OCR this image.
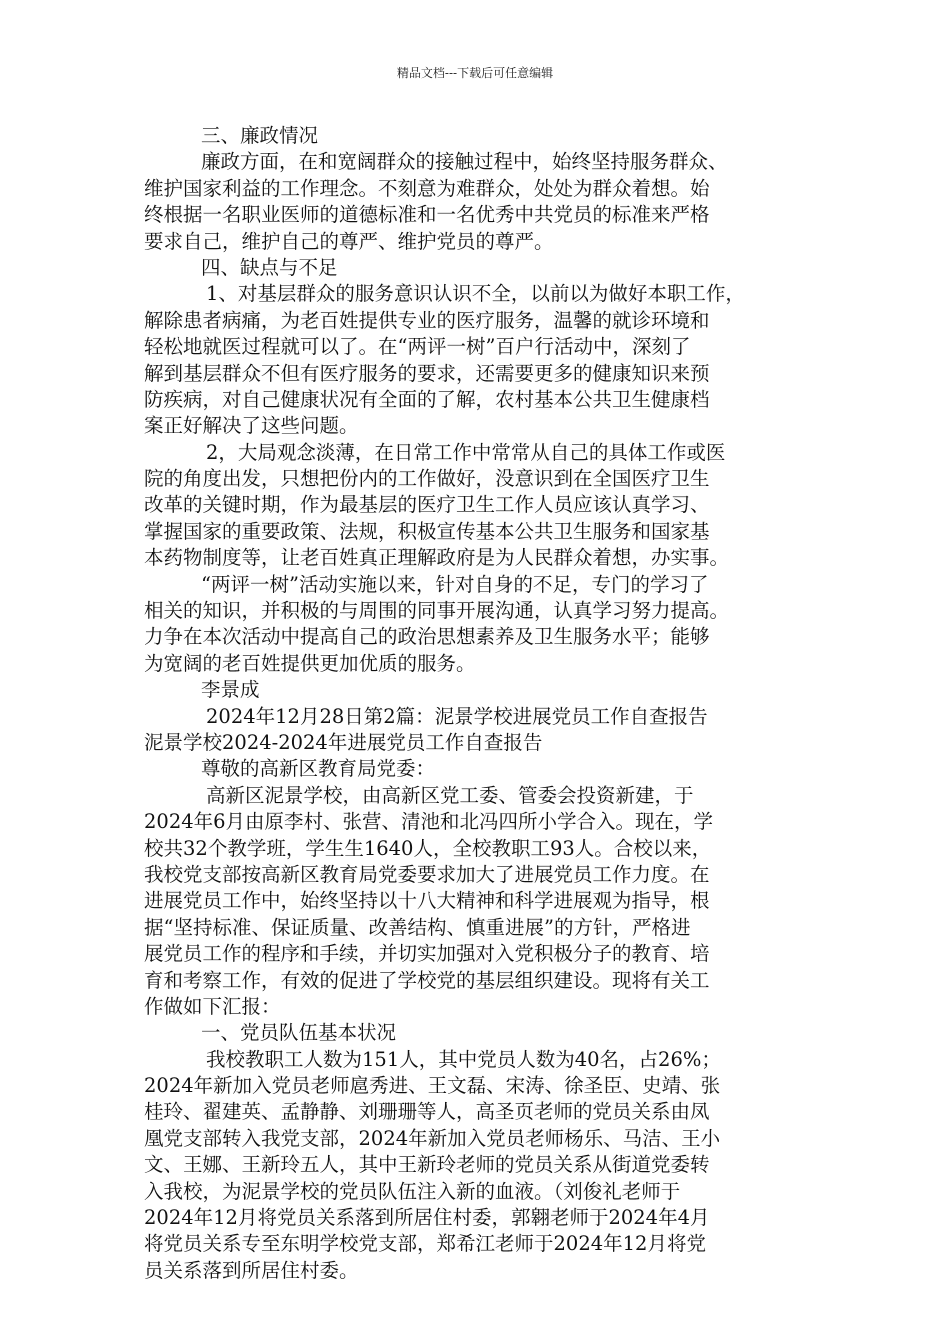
精品文档---下载后可任意编辑
三、廉政情况
廉政方面，在和宽阔群众的接触过程中，始终坚持服务群众、
维护国家利益的工作理念。不刻意为难群众，处处为群众着想。始
终根据一名职业医师的道德标准和一名优秀中共党员的标准来严格
要求自己，维护自己的尊严、维护党员的尊严。
四、缺点与不足
1、对基层群众的服务意识认识不全，以前以为做好本职工作，
解除患者病痛，为老百姓提供专业的医疗服务，温馨的就诊环境和
轻松地就医过程就可以了。在“两评一树”百户行活动中，深刻了
解到基层群众不但有医疗服务的要求，还需要更多的健康知识来预
防疾病，对自己健康状况有全面的了解，农村基本公共卫生健康档
案正好解决了这些问题。
2，大局观念淡薄，在日常工作中常常从自己的具体工作或医
院的角度出发，只想把份内的工作做好，没意识到在全国医疗卫生
改革的关键时期，作为最基层的医疗卫生工作人员应该认真学习、
掌握国家的重要政策、法规，积极宣传基本公共卫生服务和国家基
本药物制度等，让老百姓真正理解政府是为人民群众着想，办实事。
“两评一树”活动实施以来，针对自身的不足，专门的学习了
相关的知识，并积极的与周围的同事开展沟通，认真学习努力提高。
力争在本次活动中提高自己的政治思想素养及卫生服务水平；能够
为宽阔的老百姓提供更加优质的服务。
李景成
2024年12月28日第2篇：泥景学校进展党员工作自查报告
泥景学校2024-2024年进展党员工作自查报告
尊敬的高新区教育局党委：
高新区泥景学校，由高新区党工委、管委会投资新建，于
2024年6月由原李村、张营、清池和北冯四所小学合入。现在，学
校共32个教学班，学生生1640人，全校教职工93人。合校以来，
我校党支部按高新区教育局党委要求加大了进展党员工作力度。在
进展党员工作中，始终坚持以十八大精神和科学进展观为指导，根
据“坚持标准、保证质量、改善结构、慎重进展”的方针，严格进
展党员工作的程序和手续，并切实加强对入党积极分子的教育、培
育和考察工作，有效的促进了学校党的基层组织建设。现将有关工
作做如下汇报：
一、党员队伍基本状况
我校教职工人数为151人，其中党员人数为40名，占26%；
2024年新加入党员老师扈秀进、王文磊、宋涛、徐圣臣、史靖、张
桂玲、翟建英、孟静静、刘珊珊等人，高圣页老师的党员关系由凤
凰党支部转入我党支部，2024年新加入党员老师杨乐、马洁、王小
文、王娜、王新玲五人，其中王新玲老师的党员关系从街道党委转
入我校，为泥景学校的党员队伍注入新的血液。（刘俊礼老师于
2024年12月将党员关系落到所居住村委，郭翱老师于2024年4月
将党员关系专至东明学校党支部，郑希江老师于2024年12月将党
员关系落到所居住村委。
